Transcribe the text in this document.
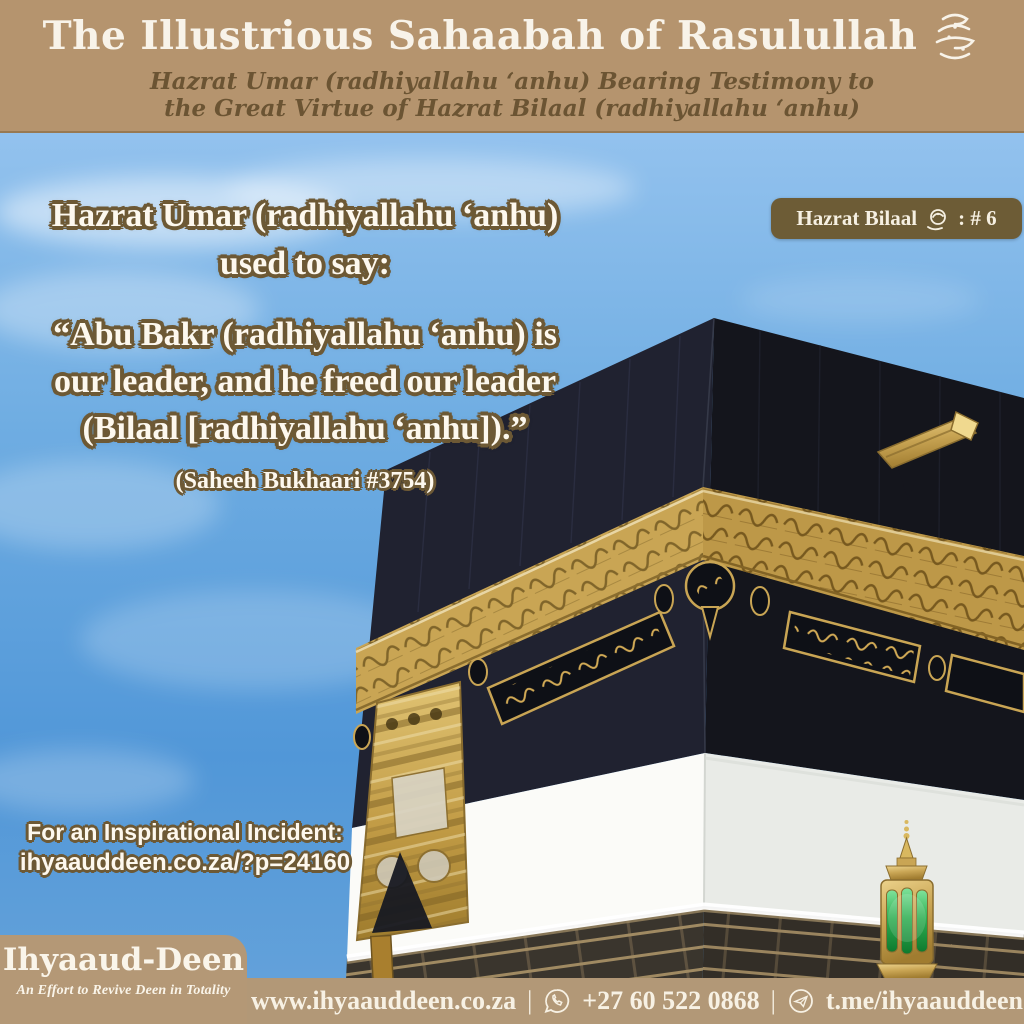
The Illustrious Sahaabah of Rasulullah
Hazrat Umar (radhiyallahu ‘anhu) Bearing Testimony to
the Great Virtue of Hazrat Bilaal (radhiyallahu ‘anhu)
Hazrat Bilaal : # 6
Hazrat Umar (radhiyallahu ‘anhu)
used to say:
“Abu Bakr (radhiyallahu ‘anhu) is
our leader, and he freed our leader
(Bilaal [radhiyallahu ‘anhu]).”
(Saheeh Bukhaari #3754)
For an Inspirational Incident:
ihyaauddeen.co.za/?p=24160
www.ihyaauddeen.co.za | +27 60 522 0868 | t.me/ihyaauddeen
Ihyaaud-Deen
An Effort to Revive Deen in Totality
